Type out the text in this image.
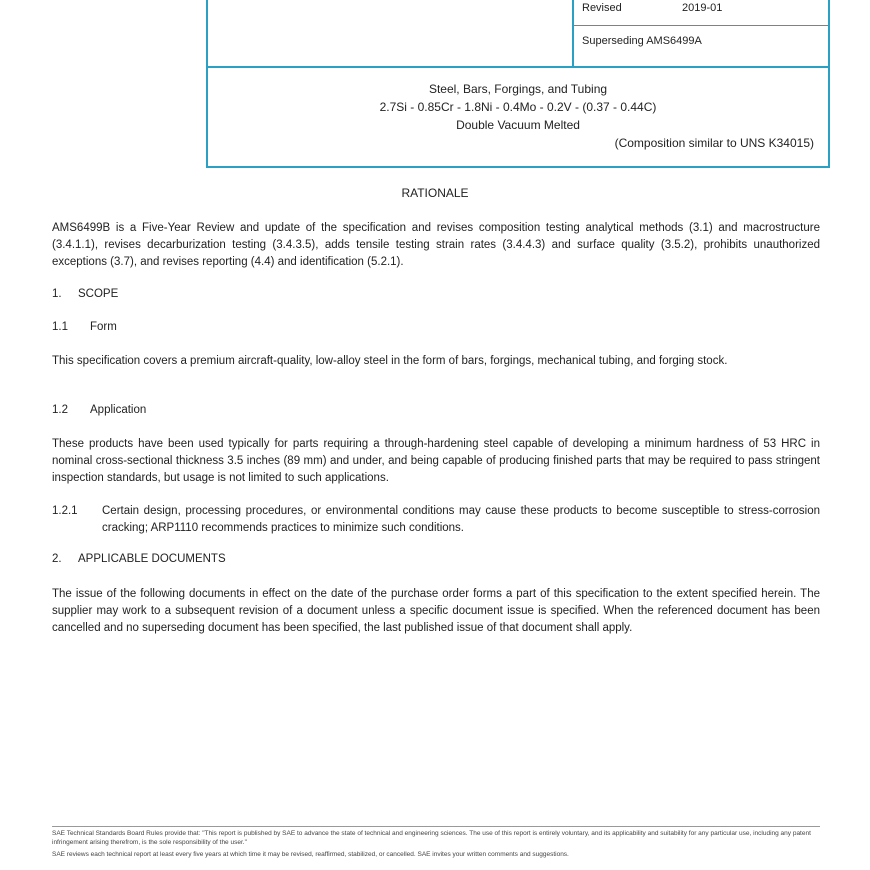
Revised	2019-01
Superseding AMS6499A
Steel, Bars, Forgings, and Tubing
2.7Si - 0.85Cr - 1.8Ni - 0.4Mo - 0.2V - (0.37 - 0.44C)
Double Vacuum Melted
(Composition similar to UNS K34015)
RATIONALE
AMS6499B is a Five-Year Review and update of the specification and revises composition testing analytical methods (3.1) and macrostructure (3.4.1.1), revises decarburization testing (3.4.3.5), adds tensile testing strain rates (3.4.4.3) and surface quality (3.5.2), prohibits unauthorized exceptions (3.7), and revises reporting (4.4) and identification (5.2.1).
1. SCOPE
1.1 Form
This specification covers a premium aircraft-quality, low-alloy steel in the form of bars, forgings, mechanical tubing, and forging stock.
1.2 Application
These products have been used typically for parts requiring a through-hardening steel capable of developing a minimum hardness of 53 HRC in nominal cross-sectional thickness 3.5 inches (89 mm) and under, and being capable of producing finished parts that may be required to pass stringent inspection standards, but usage is not limited to such applications.
1.2.1 Certain design, processing procedures, or environmental conditions may cause these products to become susceptible to stress-corrosion cracking; ARP1110 recommends practices to minimize such conditions.
2. APPLICABLE DOCUMENTS
The issue of the following documents in effect on the date of the purchase order forms a part of this specification to the extent specified herein. The supplier may work to a subsequent revision of a document unless a specific document issue is specified. When the referenced document has been cancelled and no superseding document has been specified, the last published issue of that document shall apply.

SAE Technical Standards Board Rules provide that: "This report is published by SAE to advance the state of technical and engineering sciences. The use of this report is entirely voluntary, and its applicability and suitability for any particular use, including any patent infringement arising therefrom, is the sole responsibility of the user."

SAE reviews each technical report at least every five years at which time it may be revised, reaffirmed, stabilized, or cancelled. SAE invites your written comments and suggestions.
